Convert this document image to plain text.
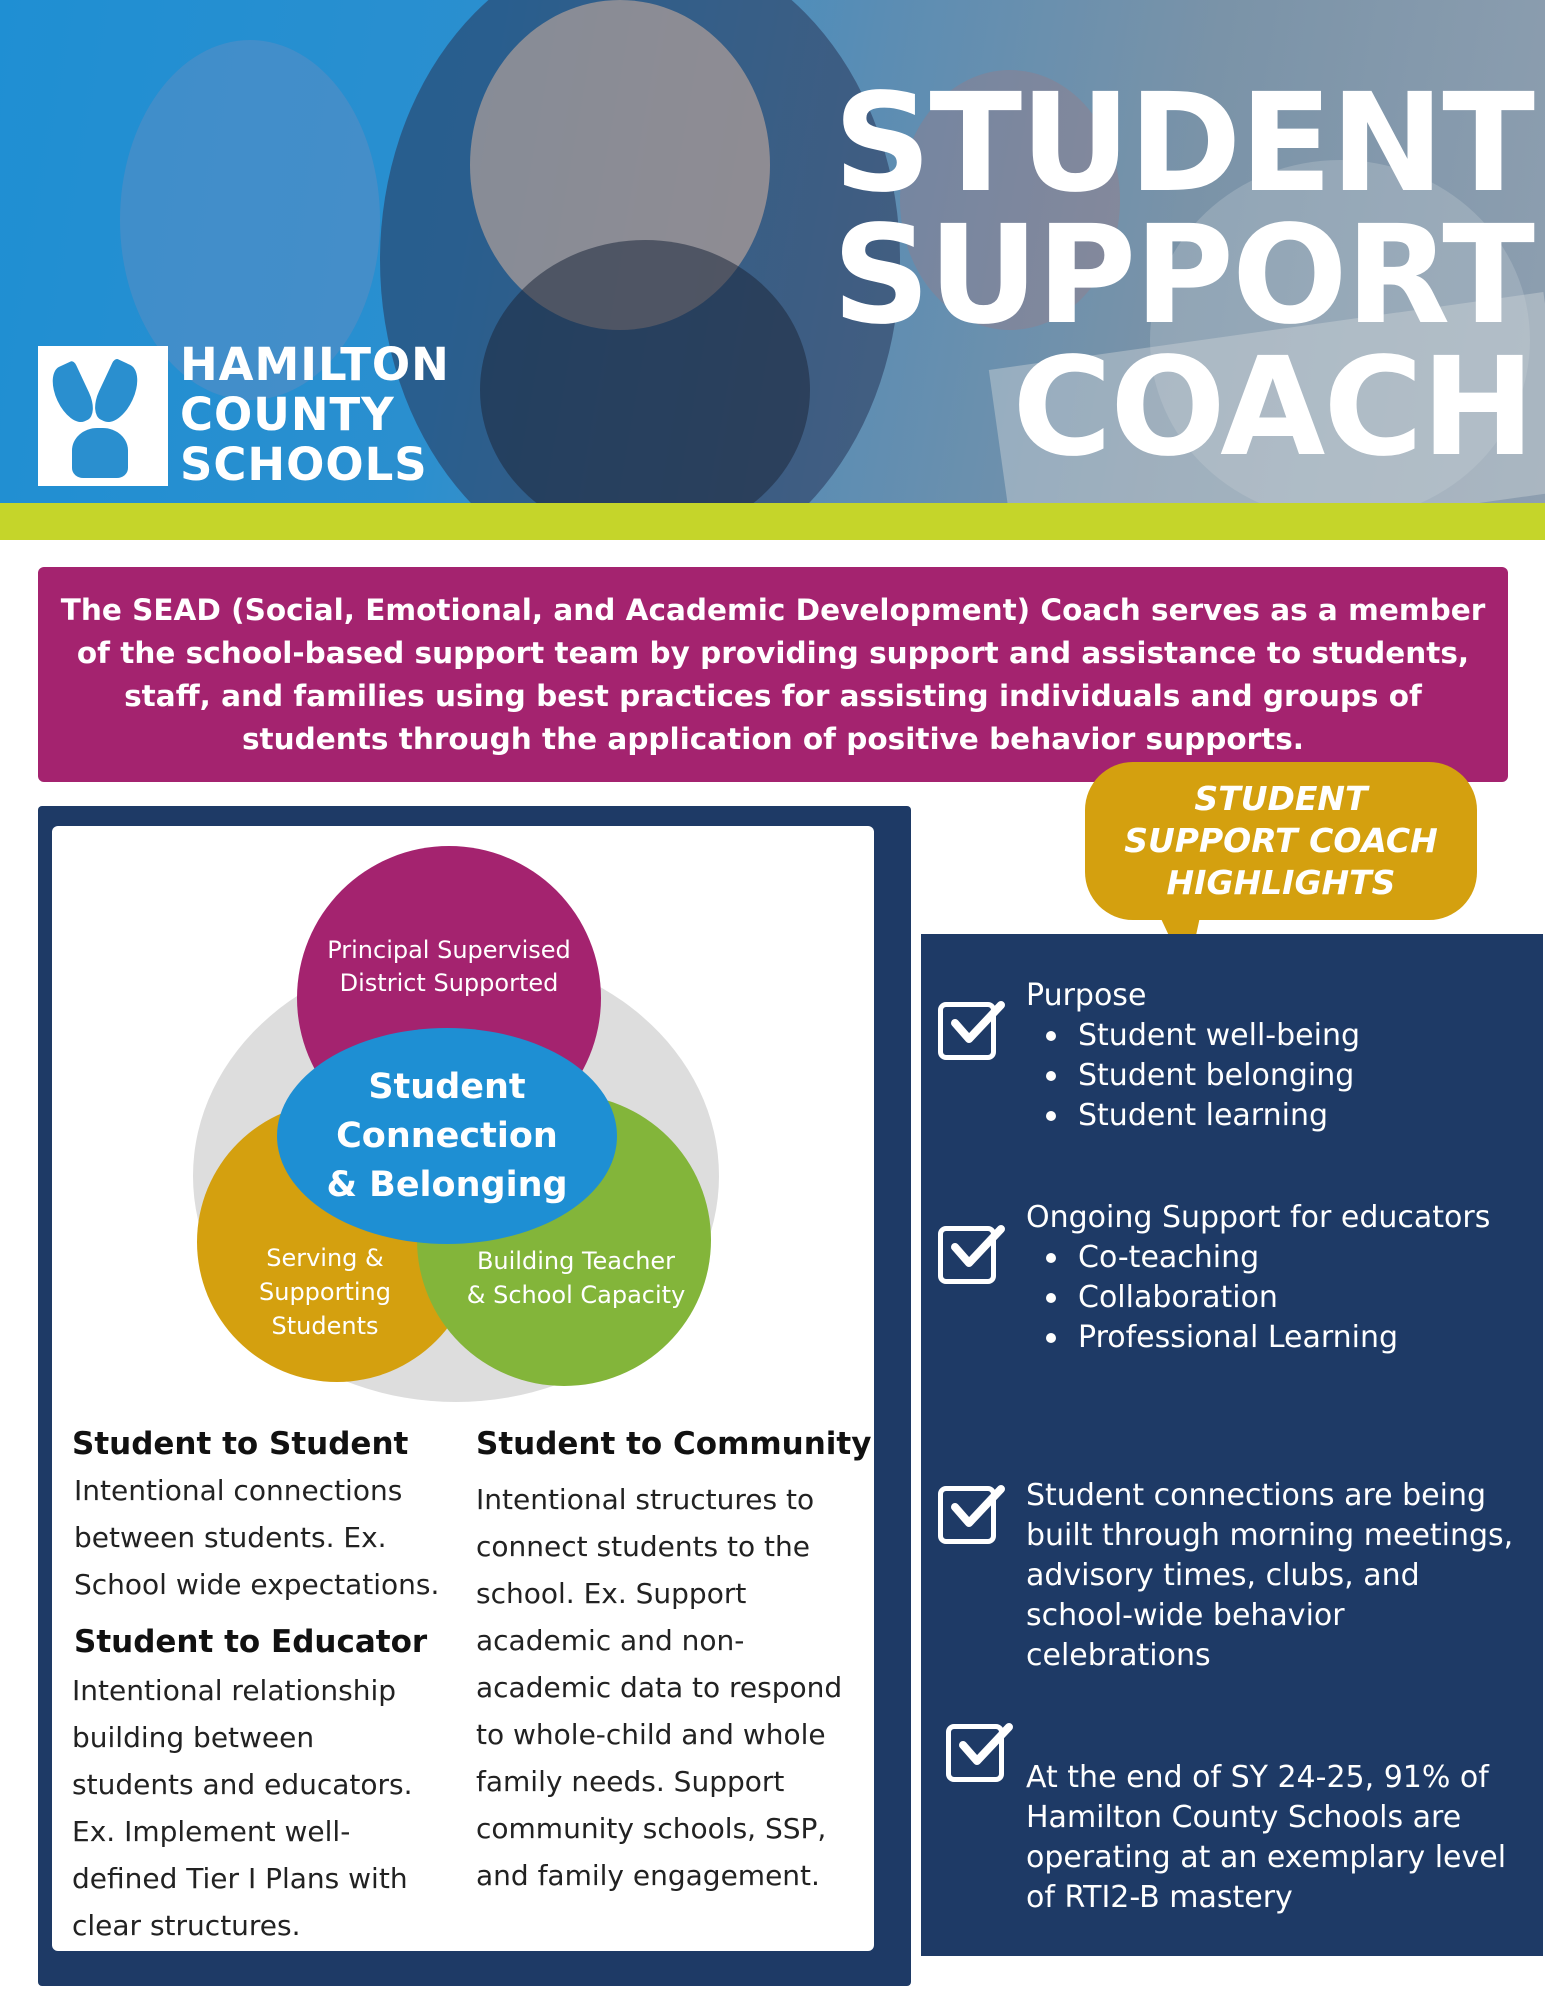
STUDENT
SUPPORT
COACH

HAMILTON
COUNTY
SCHOOLS

The SEAD (Social, Emotional, and Academic Development) Coach serves as a member of the school-based support team by providing support and assistance to students, staff, and families using best practices for assisting individuals and groups of students through the application of positive behavior supports.

Principal Supervised
District Supported
Serving &
Supporting
Students
Building Teacher
& School Capacity
Student
Connection
& Belonging
Student to Student

Intentional connections
between students. Ex.
School wide expectations.

Student to Educator

Intentional relationship
building between
students and educators.
Ex. Implement well-
defined Tier I Plans with
clear structures.

Student to Community

Intentional structures to
connect students to the
school. Ex. Support
academic and non-
academic data to respond
to whole-child and whole
family needs. Support
community schools, SSP,
and family engagement.

STUDENT
SUPPORT COACH
HIGHLIGHTS

Purpose

Student well-being
Student belonging
Student learning

Ongoing Support for educators

Co-teaching
Collaboration
Professional Learning

Student connections are being built through morning meetings, advisory times, clubs, and school-wide behavior celebrations

At the end of SY 24-25, 91% of Hamilton County Schools are operating at an exemplary level of RTI2-B mastery
